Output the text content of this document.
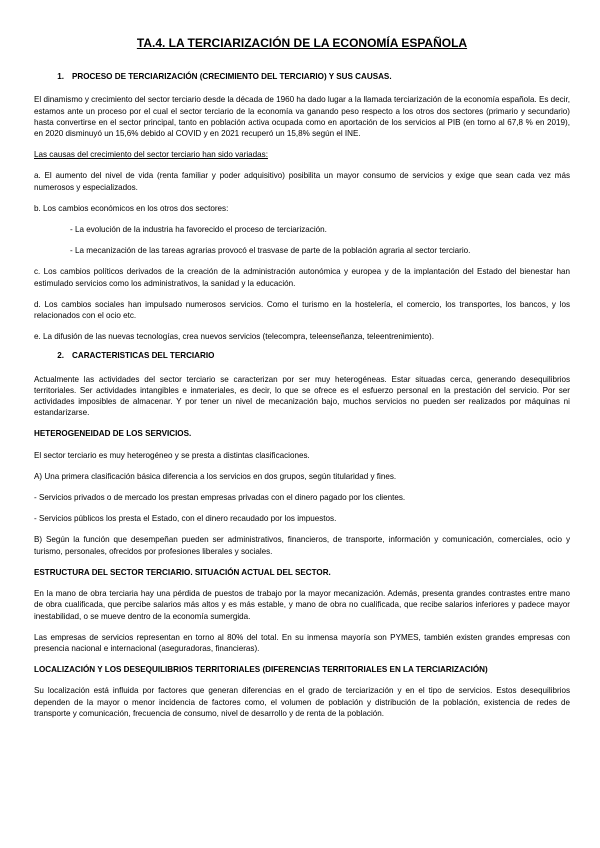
TA.4. LA TERCIARIZACIÓN DE LA ECONOMÍA ESPAÑOLA
1. PROCESO DE TERCIARIZACIÓN (CRECIMIENTO DEL TERCIARIO) Y SUS CAUSAS.

El dinamismo y crecimiento del sector terciario desde la década de 1960 ha dado lugar a la llamada terciarización de la economía española. Es decir, estamos ante un proceso por el cual el sector terciario de la economía va ganando peso respecto a los otros dos sectores (primario y secundario) hasta convertirse en el sector principal, tanto en población activa ocupada como en aportación de los servicios al PIB (en torno al 67,8 % en 2019), en 2020 disminuyó un 15,6% debido al COVID y en 2021 recuperó un 15,8% según el INE.

Las causas del crecimiento del sector terciario han sido variadas:

a. El aumento del nivel de vida (renta familiar y poder adquisitivo) posibilita un mayor consumo de servicios y exige que sean cada vez más numerosos y especializados.

b. Los cambios económicos en los otros dos sectores:

- La evolución de la industria ha favorecido el proceso de terciarización.

- La mecanización de las tareas agrarias provocó el trasvase de parte de la población agraria al sector terciario.

c. Los cambios políticos derivados de la creación de la administración autonómica y europea y de la implantación del Estado del bienestar han estimulado servicios como los administrativos, la sanidad y la educación.

d. Los cambios sociales han impulsado numerosos servicios. Como el turismo en la hostelería, el comercio, los transportes, los bancos, y los relacionados con el ocio etc.

e. La difusión de las nuevas tecnologías, crea nuevos servicios (telecompra, teleenseñanza, teleentrenimiento).

2. CARACTERISTICAS DEL TERCIARIO

Actualmente las actividades del sector terciario se caracterizan por ser muy heterogéneas. Estar situadas cerca, generando desequilibrios territoriales. Ser actividades intangibles e inmateriales, es decir, lo que se ofrece es el esfuerzo personal en la prestación del servicio. Por ser actividades imposibles de almacenar. Y por tener un nivel de mecanización bajo, muchos servicios no pueden ser realizados por máquinas ni estandarizarse.

HETEROGENEIDAD DE LOS SERVICIOS.

El sector terciario es muy heterogéneo y se presta a distintas clasificaciones.

A) Una primera clasificación básica diferencia a los servicios en dos grupos, según titularidad y fines.

- Servicios privados o de mercado los prestan empresas privadas con el dinero pagado por los clientes.

- Servicios públicos los presta el Estado, con el dinero recaudado por los impuestos.

B) Según la función que desempeñan pueden ser administrativos, financieros, de transporte, información y comunicación, comerciales, ocio y turismo, personales, ofrecidos por profesiones liberales y sociales.

ESTRUCTURA DEL SECTOR TERCIARIO. SITUACIÓN ACTUAL DEL SECTOR.

En la mano de obra terciaria hay una pérdida de puestos de trabajo por la mayor mecanización. Además, presenta grandes contrastes entre mano de obra cualificada, que percibe salarios más altos y es más estable, y mano de obra no cualificada, que recibe salarios inferiores y padece mayor inestabilidad, o se mueve dentro de la economía sumergida.

Las empresas de servicios representan en torno al 80% del total. En su inmensa mayoría son PYMES, también existen grandes empresas con presencia nacional e internacional (aseguradoras, financieras).

LOCALIZACIÓN Y LOS DESEQUILIBRIOS TERRITORIALES (DIFERENCIAS TERRITORIALES EN LA TERCIARIZACIÓN)

Su localización está influida por factores que generan diferencias en el grado de terciarización y en el tipo de servicios. Estos desequilibrios dependen de la mayor o menor incidencia de factores como, el volumen de población y distribución de la población, existencia de redes de transporte y comunicación, frecuencia de consumo, nivel de desarrollo y de renta de la población.
